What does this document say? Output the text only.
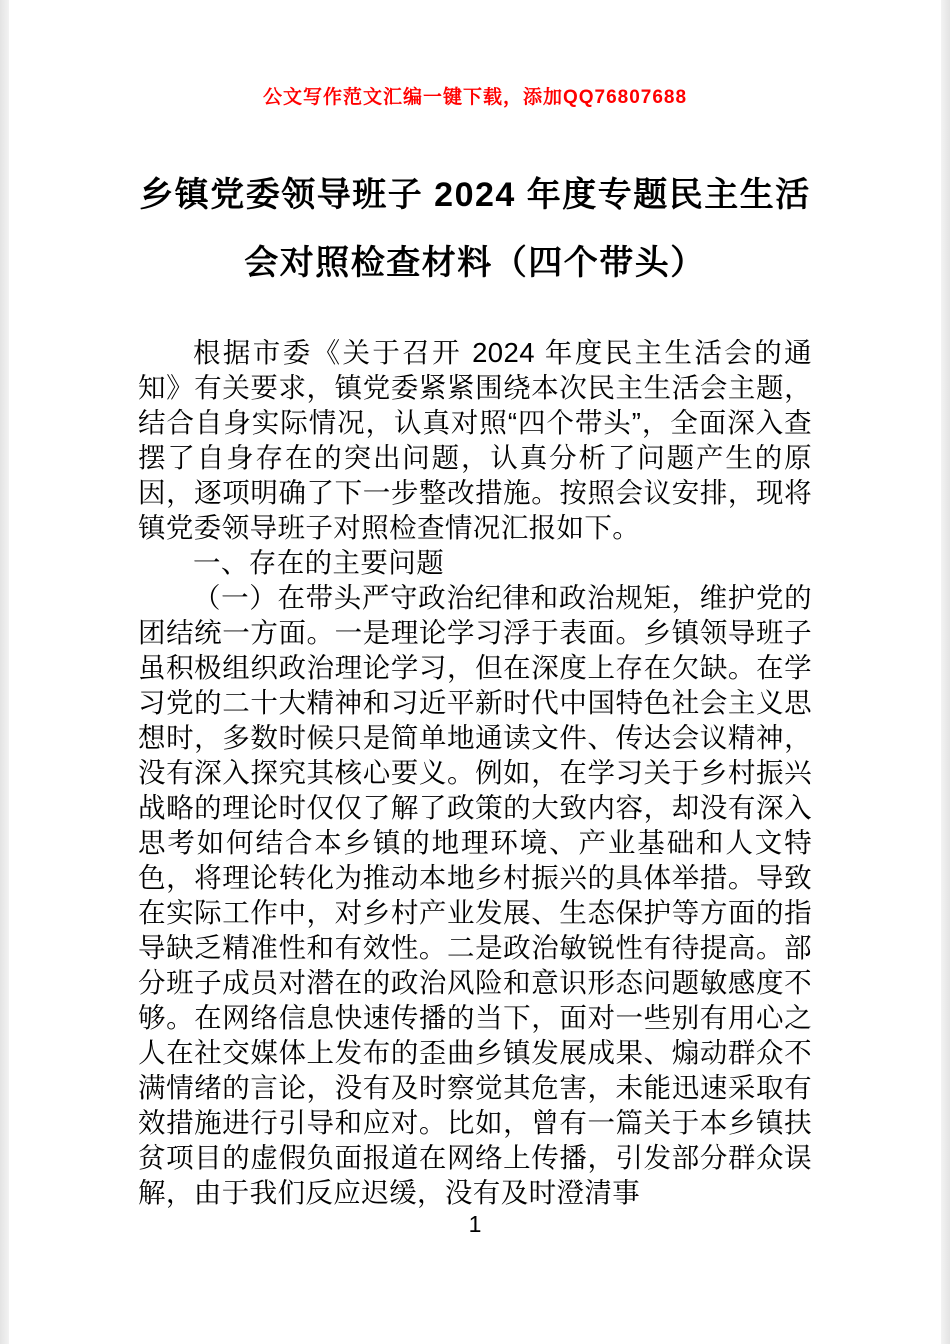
公文写作范文汇编一键下载，添加QQ76807688
乡镇党委领导班子 2024 年度专题民主生活
会对照检查材料（四个带头）

根据市委《关于召开 2024 年度民主生活会的通知》有关要求，镇党委紧紧围绕本次民主生活会主题，结合自身实际情况，认真对照“四个带头”，全面深入查摆了自身存在的突出问题，认真分析了问题产生的原因，逐项明确了下一步整改措施。按照会议安排，现将镇党委领导班子对照检查情况汇报如下。

一、存在的主要问题

（一）在带头严守政治纪律和政治规矩，维护党的团结统一方面。一是理论学习浮于表面。乡镇领导班子虽积极组织政治理论学习，但在深度上存在欠缺。在学习党的二十大精神和习近平新时代中国特色社会主义思想时，多数时候只是简单地通读文件、传达会议精神，没有深入探究其核心要义。例如，在学习关于乡村振兴战略的理论时仅仅了解了政策的大致内容，却没有深入思考如何结合本乡镇的地理环境、产业基础和人文特色，将理论转化为推动本地乡村振兴的具体举措。导致在实际工作中，对乡村产业发展、生态保护等方面的指导缺乏精准性和有效性。二是政治敏锐性有待提高。部分班子成员对潜在的政治风险和意识形态问题敏感度不够。在网络信息快速传播的当下，面对一些别有用心之人在社交媒体上发布的歪曲乡镇发展成果、煽动群众不满情绪的言论，没有及时察觉其危害，未能迅速采取有效措施进行引导和应对。比如，曾有一篇关于本乡镇扶贫项目的虚假负面报道在网络上传播，引发部分群众误解，由于我们反应迟缓，没有及时澄清事

1
